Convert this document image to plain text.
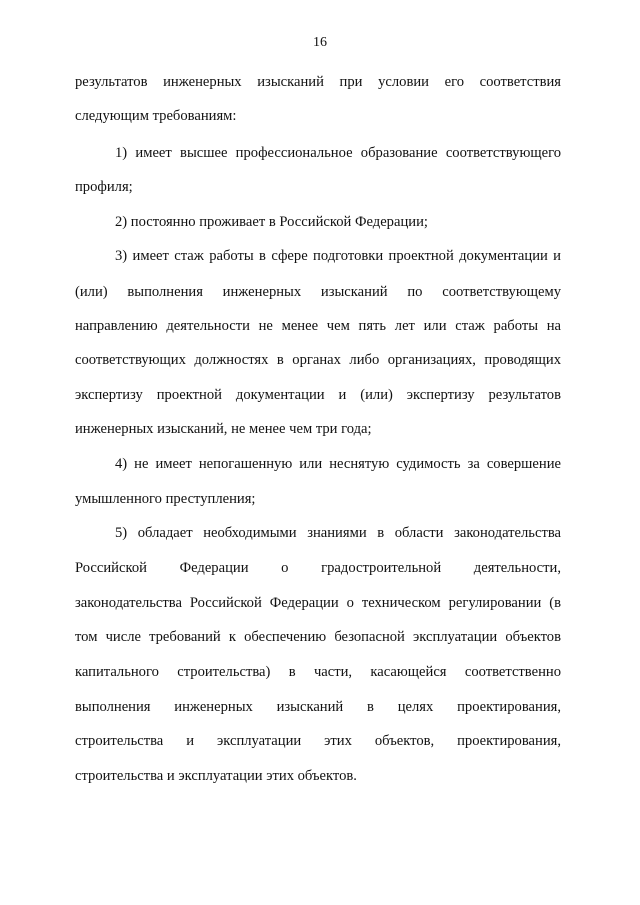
16
результатов инженерных изысканий при условии его соответствия
следующим требованиям:
1) имеет высшее профессиональное образование соответствующего
профиля;
2) постоянно проживает в Российской Федерации;
3) имеет стаж работы в сфере подготовки проектной документации и
(или) выполнения инженерных изысканий по соответствующему
направлению деятельности не менее чем пять лет или стаж работы на
соответствующих должностях в органах либо организациях, проводящих
экспертизу проектной документации и (или) экспертизу результатов
инженерных изысканий, не менее чем три года;
4) не имеет непогашенную или неснятую судимость за совершение
умышленного преступления;
5) обладает необходимыми знаниями в области законодательства
Российской Федерации о градостроительной деятельности,
законодательства Российской Федерации о техническом регулировании (в
том числе требований к обеспечению безопасной эксплуатации объектов
капитального строительства) в части, касающейся соответственно
выполнения инженерных изысканий в целях проектирования,
строительства и эксплуатации этих объектов, проектирования,
строительства и эксплуатации этих объектов.
